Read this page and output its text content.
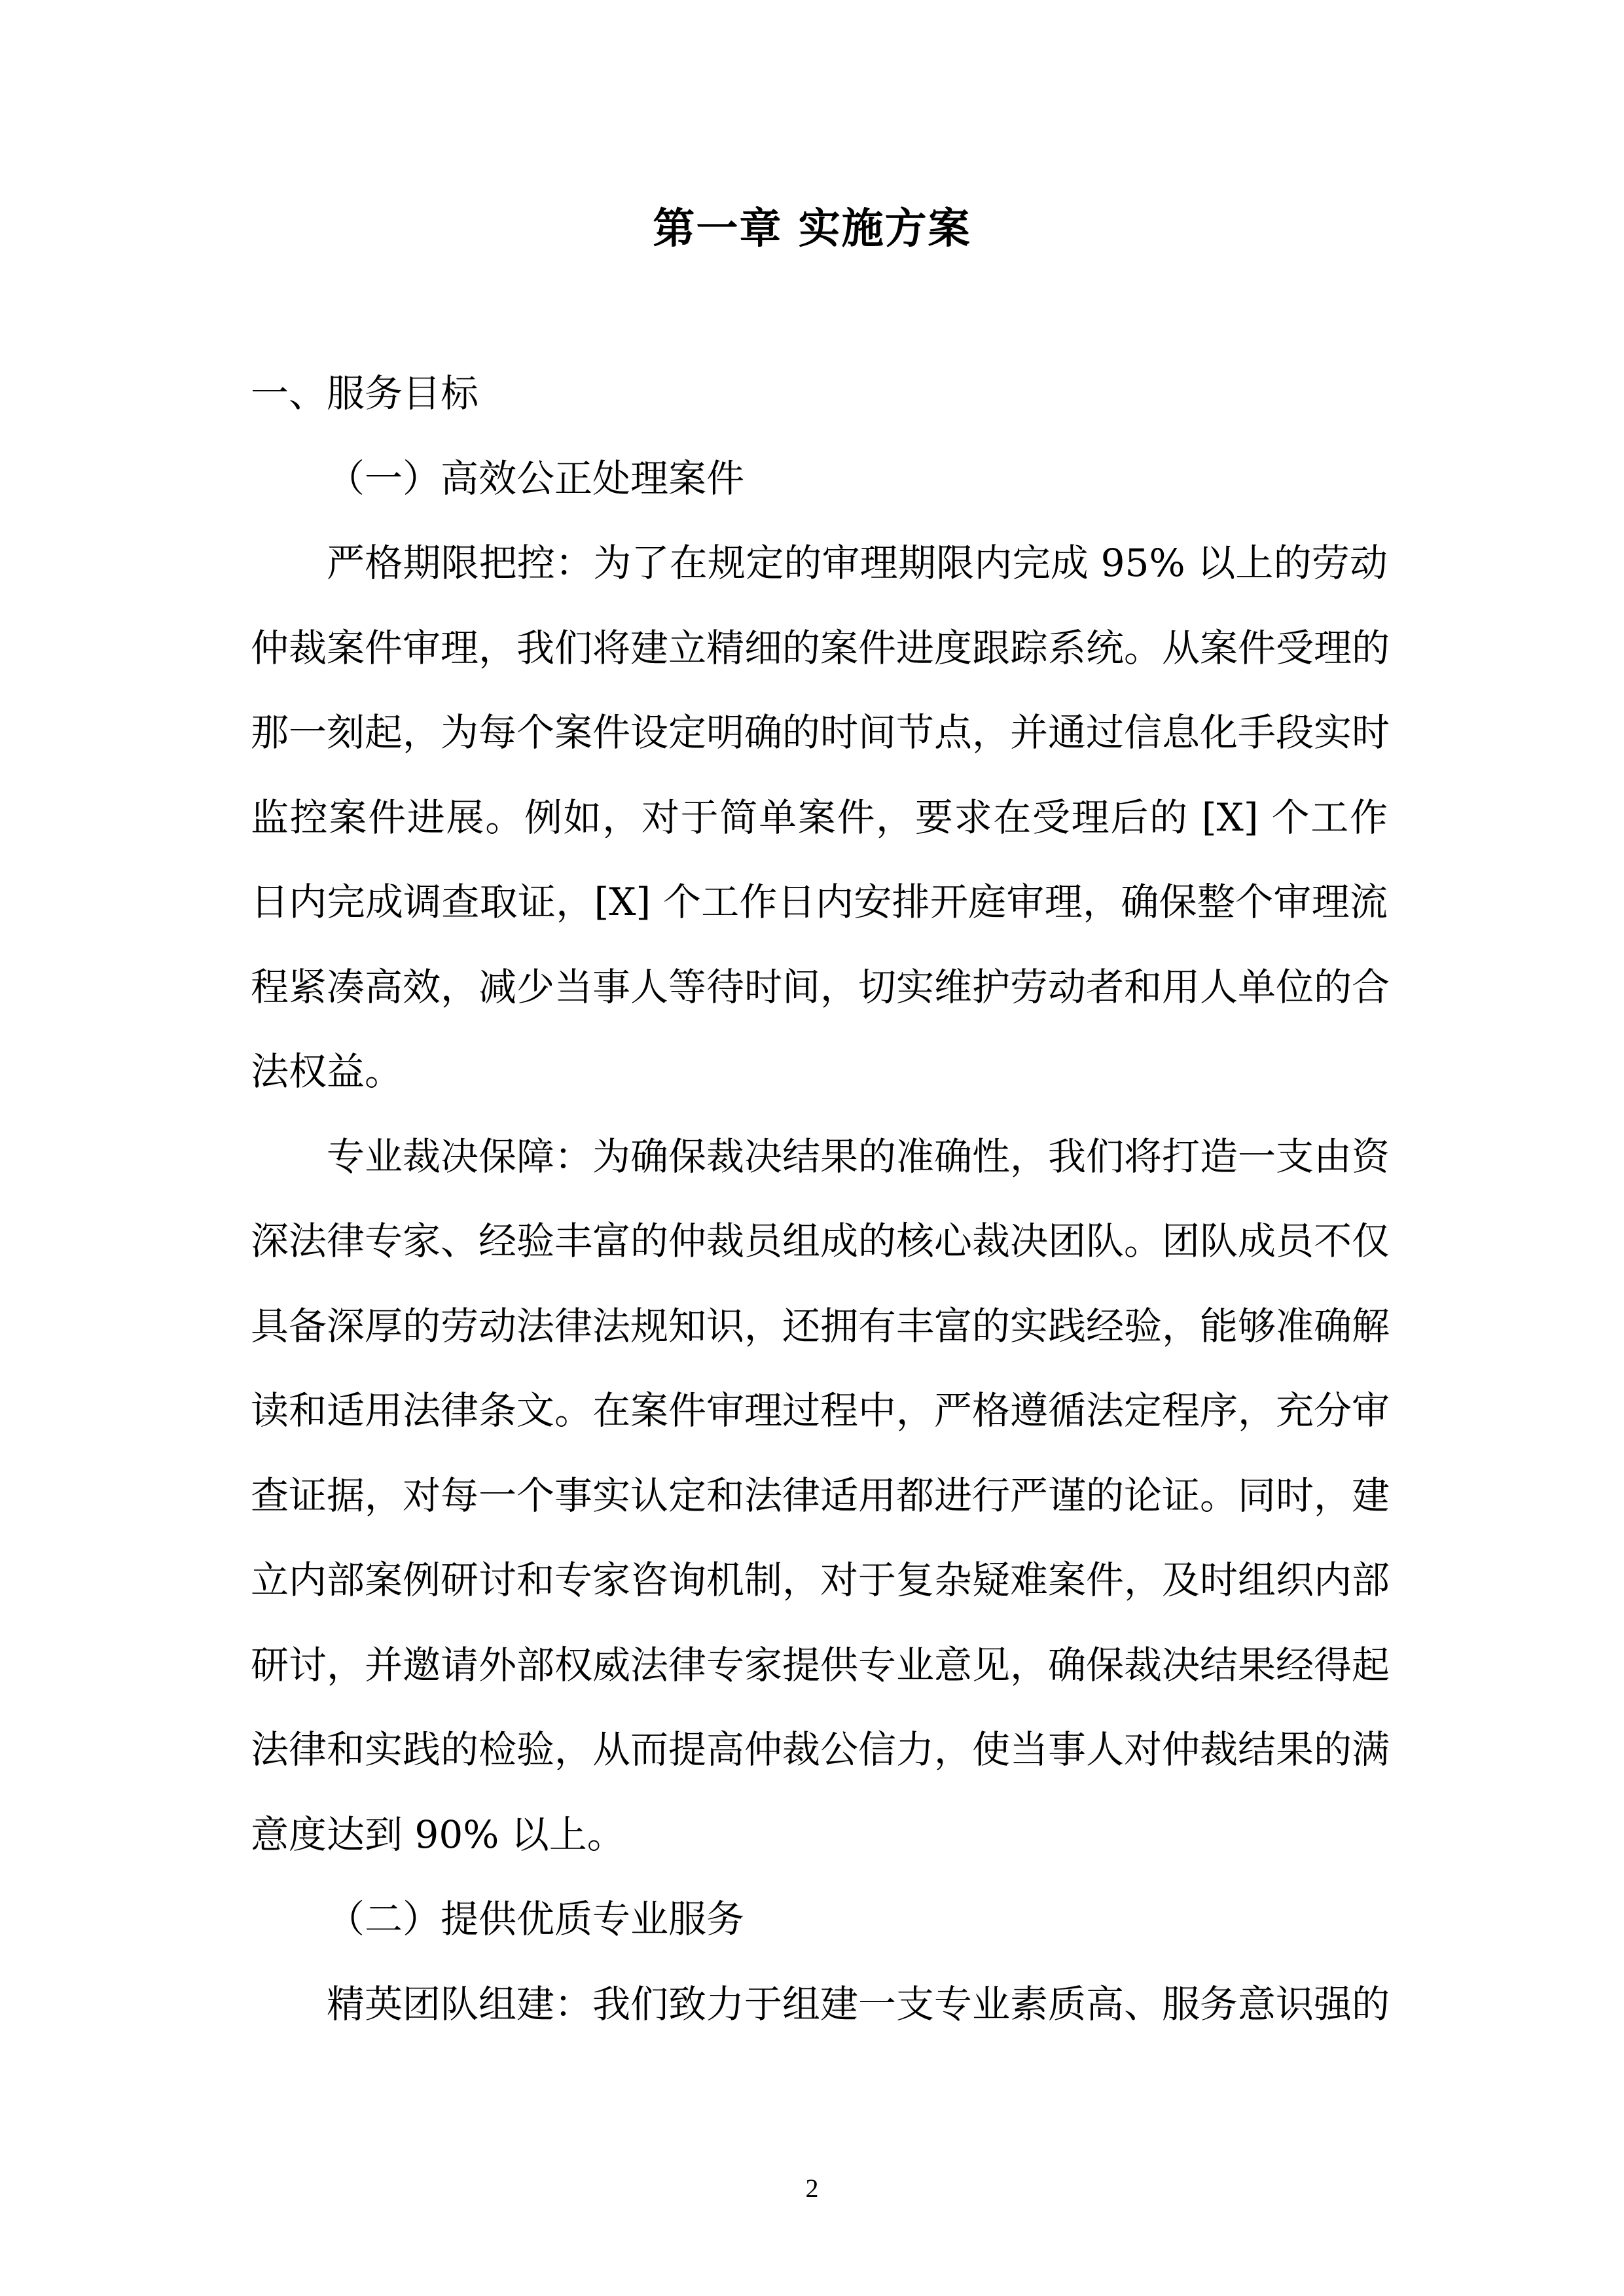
第一章 实施方案
一、服务目标
（一）高效公正处理案件
严格期限把控：为了在规定的审理期限内完成 95% 以上的劳动
仲裁案件审理，我们将建立精细的案件进度跟踪系统。从案件受理的
那一刻起，为每个案件设定明确的时间节点，并通过信息化手段实时
监控案件进展。例如，对于简单案件，要求在受理后的 [X] 个工作
日内完成调查取证，[X] 个工作日内安排开庭审理，确保整个审理流
程紧凑高效，减少当事人等待时间，切实维护劳动者和用人单位的合
法权益。
专业裁决保障：为确保裁决结果的准确性，我们将打造一支由资
深法律专家、经验丰富的仲裁员组成的核心裁决团队。团队成员不仅
具备深厚的劳动法律法规知识，还拥有丰富的实践经验，能够准确解
读和适用法律条文。在案件审理过程中，严格遵循法定程序，充分审
查证据，对每一个事实认定和法律适用都进行严谨的论证。同时，建
立内部案例研讨和专家咨询机制，对于复杂疑难案件，及时组织内部
研讨，并邀请外部权威法律专家提供专业意见，确保裁决结果经得起
法律和实践的检验，从而提高仲裁公信力，使当事人对仲裁结果的满
意度达到 90% 以上。
（二）提供优质专业服务
精英团队组建：我们致力于组建一支专业素质高、服务意识强的
2
